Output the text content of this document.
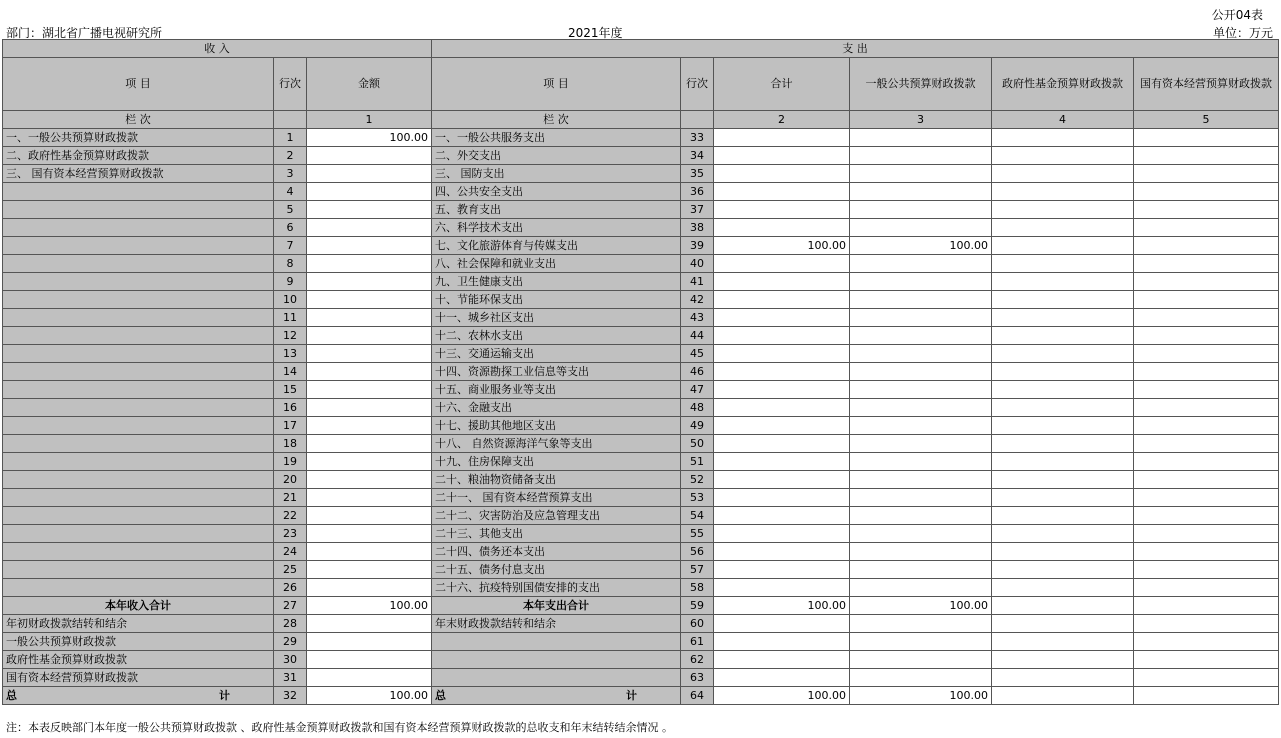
公开04表
部门：湖北省广播电视研究所	2021年度	单位：万元
收 入			支 出					
项 目	行次	金额	项 目	行次	合计	一般公共预算财政拨款	政府性基金预算财政拨款	国有资本经营预算财政拨款
栏 次		1	栏 次		2	3	4	5
一、一般公共预算财政拨款	1	100.00	一、一般公共服务支出	33				
二、政府性基金预算财政拨款	2		二、外交支出	34				
三、 国有资本经营预算财政拨款	3		三、 国防支出	35				
	4		四、公共安全支出	36				
	5		五、教育支出	37				
	6		六、科学技术支出	38				
	7		七、文化旅游体育与传媒支出	39	100.00	100.00		
	8		八、社会保障和就业支出	40				
	9		九、卫生健康支出	41				
	10		十、节能环保支出	42				
	11		十一、城乡社区支出	43				
	12		十二、农林水支出	44				
	13		十三、交通运输支出	45				
	14		十四、资源勘探工业信息等支出	46				
	15		十五、商业服务业等支出	47				
	16		十六、金融支出	48				
	17		十七、援助其他地区支出	49				
	18		十八、 自然资源海洋气象等支出	50				
	19		十九、住房保障支出	51				
	20		二十、粮油物资储备支出	52				
	21		二十一、 国有资本经营预算支出	53				
	22		二十二、灾害防治及应急管理支出	54				
	23		二十三、其他支出	55				
	24		二十四、债务还本支出	56				
	25		二十五、债务付息支出	57				
	26		二十六、抗疫特别国债安排的支出	58				
本年收入合计	27	100.00	本年支出合计	59	100.00	100.00		
年初财政拨款结转和结余	28		年末财政拨款结转和结余	60				
一般公共预算财政拨款	29			61				
政府性基金预算财政拨款	30			62				
国有资本经营预算财政拨款	31			63				

总 计	32	100.00	总 计	64	100.00	100.00		
注：本表反映部门本年度一般公共预算财政拨款 、政府性基金预算财政拨款和国有资本经营预算财政拨款的总收支和年末结转结余情况 。
